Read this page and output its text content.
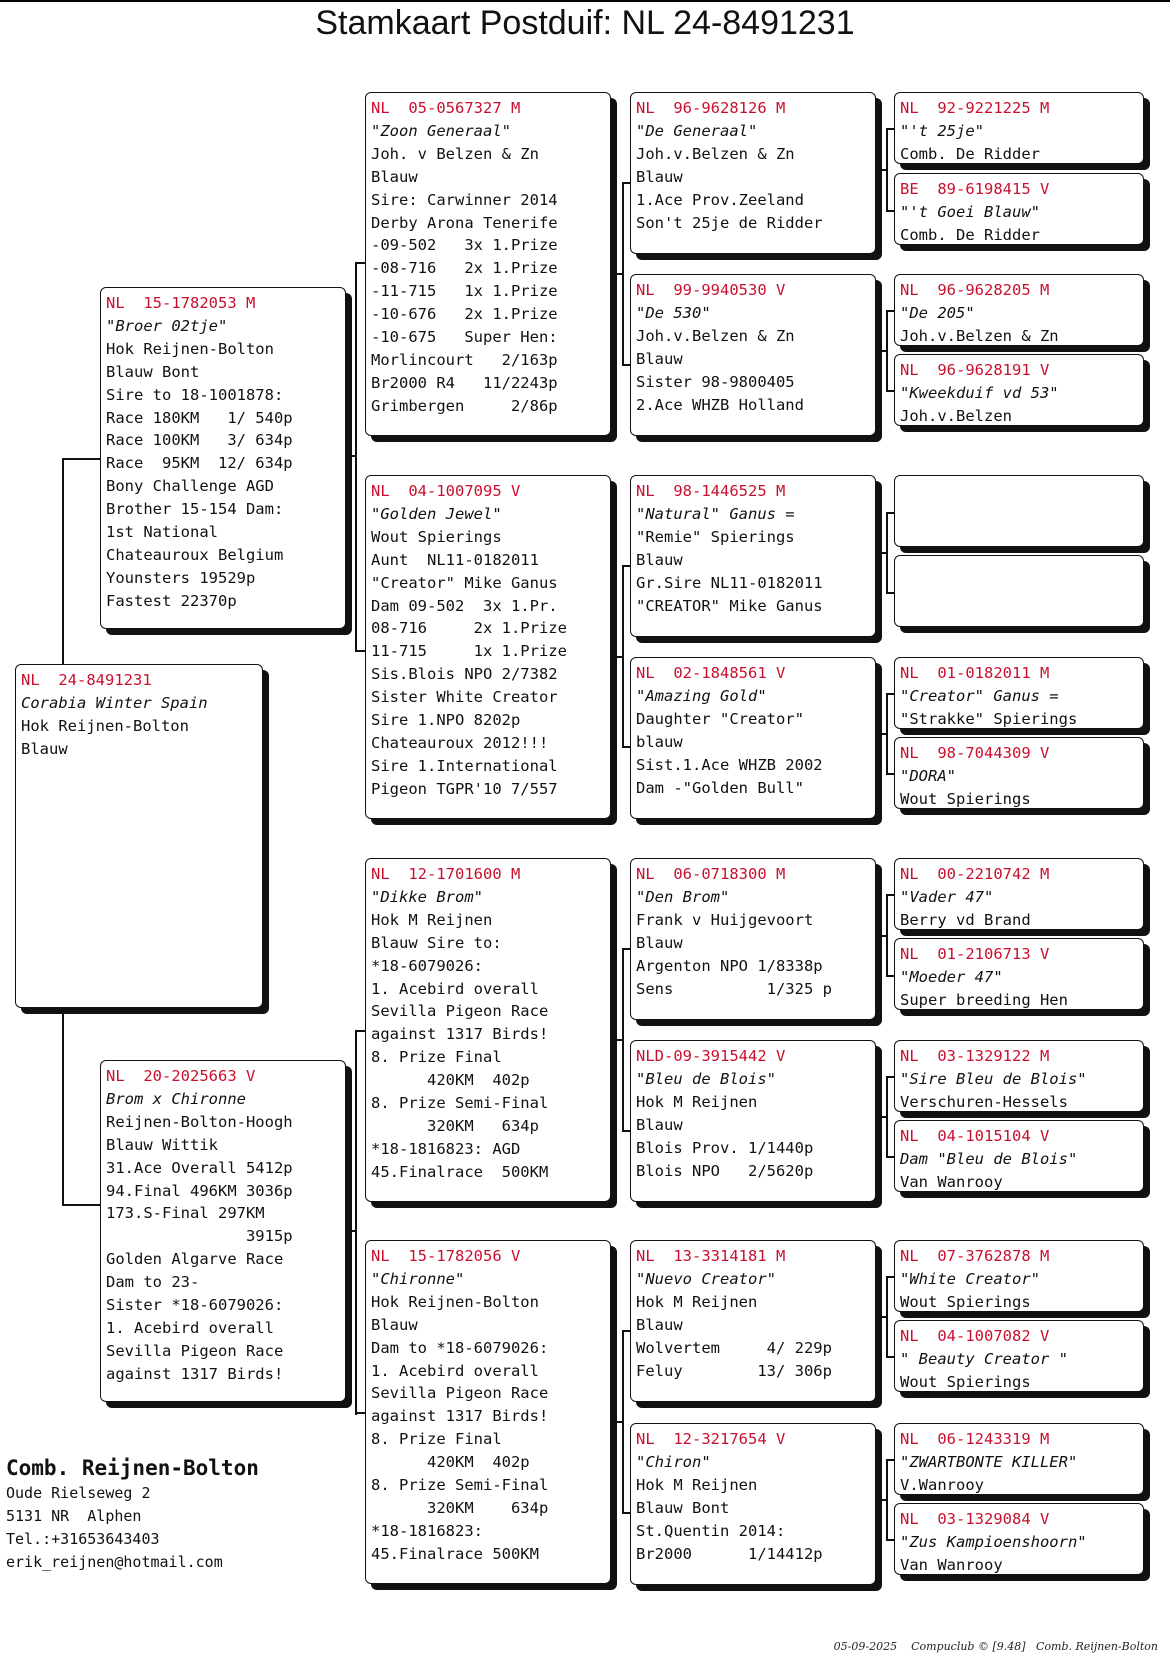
Stamkaart Postduif: NL 24-8491231
NL  24-8491231
Corabia Winter Spain
Hok Reijnen-Bolton
Blauw
NL  15-1782053 M
"Broer 02tje"
Hok Reijnen-Bolton
Blauw Bont
Sire to 18-1001878:
Race 180KM   1/ 540p
Race 100KM   3/ 634p
Race  95KM  12/ 634p
Bony Challenge AGD
Brother 15-154 Dam:
1st National
Chateauroux Belgium
Younsters 19529p
Fastest 22370p
NL  20-2025663 V
Brom x Chironne
Reijnen-Bolton-Hoogh
Blauw Wittik
31.Ace Overall 5412p
94.Final 496KM 3036p
173.S-Final 297KM
3915p
Golden Algarve Race
Dam to 23-
Sister *18-6079026:
1. Acebird overall
Sevilla Pigeon Race
against 1317 Birds!
NL  05-0567327 M
"Zoon Generaal"
Joh. v Belzen & Zn
Blauw
Sire: Carwinner 2014
Derby Arona Tenerife
-09-502   3x 1.Prize
-08-716   2x 1.Prize
-11-715   1x 1.Prize
-10-676   2x 1.Prize
-10-675   Super Hen:
Morlincourt   2/163p
Br2000 R4   11/2243p
Grimbergen     2/86p
NL  04-1007095 V
"Golden Jewel"
Wout Spierings
Aunt  NL11-0182011
"Creator" Mike Ganus
Dam 09-502  3x 1.Pr.
08-716     2x 1.Prize
11-715     1x 1.Prize
Sis.Blois NPO 2/7382
Sister White Creator
Sire 1.NPO 8202p
Chateauroux 2012!!!
Sire 1.International
Pigeon TGPR'10 7/557
NL  12-1701600 M
"Dikke Brom"
Hok M Reijnen
Blauw Sire to:
*18-6079026:
1. Acebird overall
Sevilla Pigeon Race
against 1317 Birds!
8. Prize Final
420KM  402p
8. Prize Semi-Final
320KM   634p
*18-1816823: AGD
45.Finalrace  500KM
NL  15-1782056 V
"Chironne"
Hok Reijnen-Bolton
Blauw
Dam to *18-6079026:
1. Acebird overall
Sevilla Pigeon Race
against 1317 Birds!
8. Prize Final
420KM  402p
8. Prize Semi-Final
320KM    634p
*18-1816823:
45.Finalrace 500KM
NL  96-9628126 M
"De Generaal"
Joh.v.Belzen & Zn
Blauw
1.Ace Prov.Zeeland
Son't 25je de Ridder
NL  99-9940530 V
"De 530"
Joh.v.Belzen & Zn
Blauw
Sister 98-9800405
2.Ace WHZB Holland
NL  98-1446525 M
"Natural" Ganus =
"Remie" Spierings
Blauw
Gr.Sire NL11-0182011
"CREATOR" Mike Ganus
NL  02-1848561 V
"Amazing Gold"
Daughter "Creator"
blauw
Sist.1.Ace WHZB 2002
Dam -"Golden Bull"
NL  06-0718300 M
"Den Brom"
Frank v Huijgevoort
Blauw
Argenton NPO 1/8338p
Sens          1/325 p
NLD-09-3915442 V
"Bleu de Blois"
Hok M Reijnen
Blauw
Blois Prov. 1/1440p
Blois NPO   2/5620p
NL  13-3314181 M
"Nuevo Creator"
Hok M Reijnen
Blauw
Wolvertem     4/ 229p
Feluy        13/ 306p
NL  12-3217654 V
"Chiron"
Hok M Reijnen
Blauw Bont
St.Quentin 2014:
Br2000      1/14412p
NL  92-9221225 M
"'t 25je"
Comb. De Ridder
BE  89-6198415 V
"'t Goei Blauw"
Comb. De Ridder
NL  96-9628205 M
"De 205"
Joh.v.Belzen & Zn
NL  96-9628191 V
"Kweekduif vd 53"
Joh.v.Belzen
NL  01-0182011 M
"Creator" Ganus =
"Strakke" Spierings
NL  98-7044309 V
"DORA"
Wout Spierings
NL  00-2210742 M
"Vader 47"
Berry vd Brand
NL  01-2106713 V
"Moeder 47"
Super breeding Hen
NL  03-1329122 M
"Sire Bleu de Blois"
Verschuren-Hessels
NL  04-1015104 V
Dam "Bleu de Blois"
Van Wanrooy
NL  07-3762878 M
"White Creator"
Wout Spierings
NL  04-1007082 V
" Beauty Creator "
Wout Spierings
NL  06-1243319 M
"ZWARTBONTE KILLER"
V.Wanrooy
NL  03-1329084 V
"Zus Kampioenshoorn"
Van Wanrooy
Comb. Reijnen-Bolton
Oude Rielseweg 2
5131 NR  Alphen
Tel.:+31653643403
erik_reijnen@hotmail.com
05-09-2025    Compuclub © [9.48]   Comb. Reijnen-Bolton
